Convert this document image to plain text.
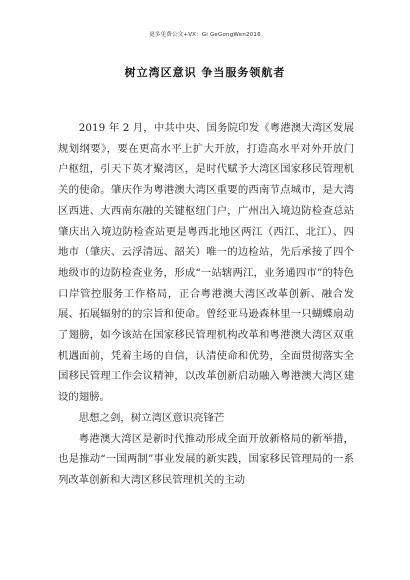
更多免费公文+VX：Gi GeGongWen2016
树立湾区意识 争当服务领航者

2019 年 2 月，中共中央、国务院印发《粤港澳大湾区发展规划纲要》，要在更高水平上扩大开放，打造高水平对外开放门户枢纽，引天下英才聚湾区，是时代赋予大湾区国家移民管理机关的使命。肇庆作为粤港澳大湾区重要的西南节点城市，是大湾区西进、大西南东融的关键枢纽门户，广州出入境边防检查总站肇庆出入境边防检查站更是粤西北地区两江（西江、北江）、四地市（肇庆、云浮清远、韶关）唯一的边检站，先后承接了四个地级市的边防检查业务，形成“一站辖两江，业务通四市”的特色口岸管控服务工作格局，正合粤港澳大湾区改革创新、融合发展、拓展辐射的的宗旨和使命。曾经亚马逊森林里一只蝴蝶扇动了翅膀，如今该站在国家移民管理机构改革和粤港澳大湾区双重机遇面前，凭着主场的自信，认清使命和优势，全面贯彻落实全国移民管理工作会议精神，以改革创新启动融入粤港澳大湾区建设的翅膀。

思想之剑，树立湾区意识亮锋芒

粤港澳大湾区是新时代推动形成全面开放新格局的新举措，也是推动“一国两制”事业发展的新实践，国家移民管理局的一系列改革创新和大湾区移民管理机关的主动
